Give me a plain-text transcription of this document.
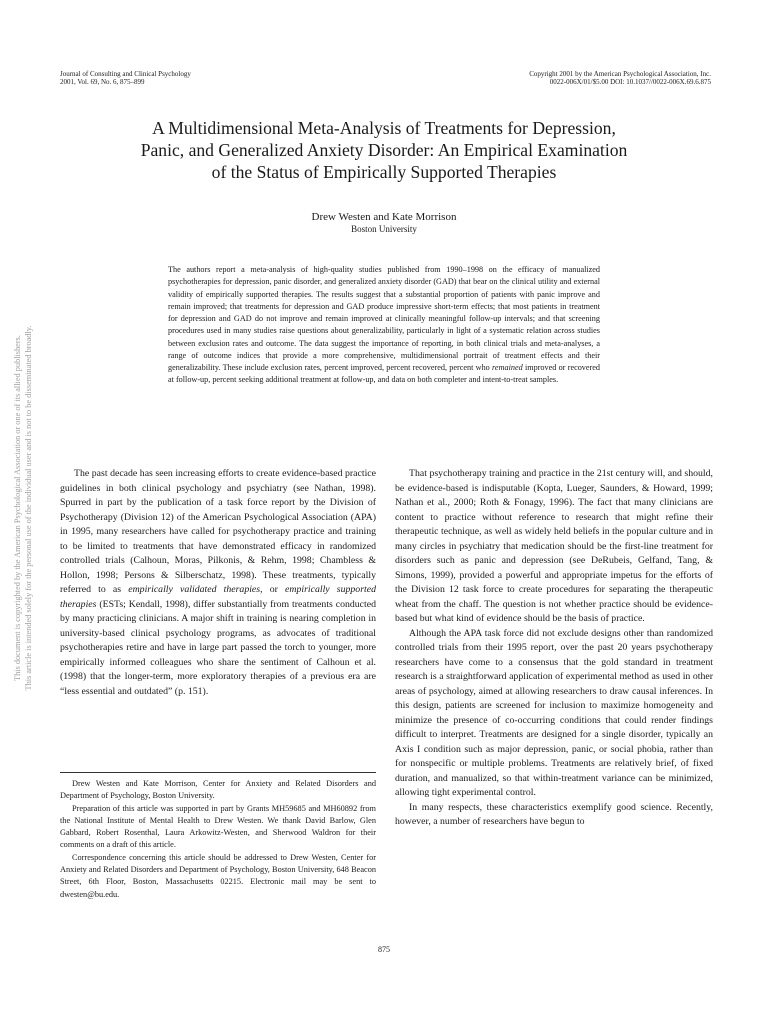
Journal of Consulting and Clinical Psychology
2001, Vol. 69, No. 6, 875–899
Copyright 2001 by the American Psychological Association, Inc.
0022-006X/01/$5.00 DOI: 10.1037//0022-006X.69.6.875
A Multidimensional Meta-Analysis of Treatments for Depression,
Panic, and Generalized Anxiety Disorder: An Empirical Examination
of the Status of Empirically Supported Therapies
Drew Westen and Kate Morrison
Boston University

The authors report a meta-analysis of high-quality studies published from 1990–1998 on the efficacy of manualized psychotherapies for depression, panic disorder, and generalized anxiety disorder (GAD) that bear on the clinical utility and external validity of empirically supported therapies. The results suggest that a substantial proportion of patients with panic improve and remain improved; that treatments for depression and GAD produce impressive short-term effects; that most patients in treatment for depression and GAD do not improve and remain improved at clinically meaningful follow-up intervals; and that screening procedures used in many studies raise questions about generalizability, particularly in light of a systematic relation across studies between exclusion rates and outcome. The data suggest the importance of reporting, in both clinical trials and meta-analyses, a range of outcome indices that provide a more comprehensive, multidimensional portrait of treatment effects and their generalizability. These include exclusion rates, percent improved, percent recovered, percent who remained improved or recovered at follow-up, percent seeking additional treatment at follow-up, and data on both completer and intent-to-treat samples.

The past decade has seen increasing efforts to create evidence-based practice guidelines in both clinical psychology and psychiatry (see Nathan, 1998). Spurred in part by the publication of a task force report by the Division of Psychotherapy (Division 12) of the American Psychological Association (APA) in 1995, many researchers have called for psychotherapy practice and training to be limited to treatments that have demonstrated efficacy in randomized controlled trials (Calhoun, Moras, Pilkonis, & Rehm, 1998; Chambless & Hollon, 1998; Persons & Silberschatz, 1998). These treatments, typically referred to as empirically validated therapies, or empirically supported therapies (ESTs; Kendall, 1998), differ substantially from treatments conducted by many practicing clinicians. A major shift in training is nearing completion in university-based clinical psychology programs, as advocates of traditional psychotherapies retire and have in large part passed the torch to younger, more empirically informed colleagues who share the sentiment of Calhoun et al. (1998) that the longer-term, more exploratory therapies of a previous era are “less essential and outdated” (p. 151).

Drew Westen and Kate Morrison, Center for Anxiety and Related Disorders and Department of Psychology, Boston University.

Preparation of this article was supported in part by Grants MH59685 and MH60892 from the National Institute of Mental Health to Drew Westen. We thank David Barlow, Glen Gabbard, Robert Rosenthal, Laura Arkowitz-Westen, and Sherwood Waldron for their comments on a draft of this article.

Correspondence concerning this article should be addressed to Drew Westen, Center for Anxiety and Related Disorders and Department of Psychology, Boston University, 648 Beacon Street, 6th Floor, Boston, Massachusetts 02215. Electronic mail may be sent to dwesten@bu.edu.

That psychotherapy training and practice in the 21st century will, and should, be evidence-based is indisputable (Kopta, Lueger, Saunders, & Howard, 1999; Nathan et al., 2000; Roth & Fonagy, 1996). The fact that many clinicians are content to practice without reference to research that might refine their therapeutic technique, as well as widely held beliefs in the popular culture and in many circles in psychiatry that medication should be the first-line treatment for disorders such as panic and depression (see DeRubeis, Gelfand, Tang, & Simons, 1999), provided a powerful and appropriate impetus for the efforts of the Division 12 task force to create procedures for separating the therapeutic wheat from the chaff. The question is not whether practice should be evidence-based but what kind of evidence should be the basis of practice.

Although the APA task force did not exclude designs other than randomized controlled trials from their 1995 report, over the past 20 years psychotherapy researchers have come to a consensus that the gold standard in treatment research is a straightforward application of experimental method as used in other areas of psychology, aimed at allowing researchers to draw causal inferences. In this design, patients are screened for inclusion to maximize homogeneity and minimize the presence of co-occurring conditions that could render findings difficult to interpret. Treatments are designed for a single disorder, typically an Axis I condition such as major depression, panic, or social phobia, rather than for nonspecific or multiple problems. Treatments are relatively brief, of fixed duration, and manualized, so that within-treatment variance can be minimized, allowing tight experimental control.

In many respects, these characteristics exemplify good science. Recently, however, a number of researchers have begun to

875
This document is copyrighted by the American Psychological Association or one of its allied publishers. This article is intended solely for the personal use of the individual user and is not to be disseminated broadly.
